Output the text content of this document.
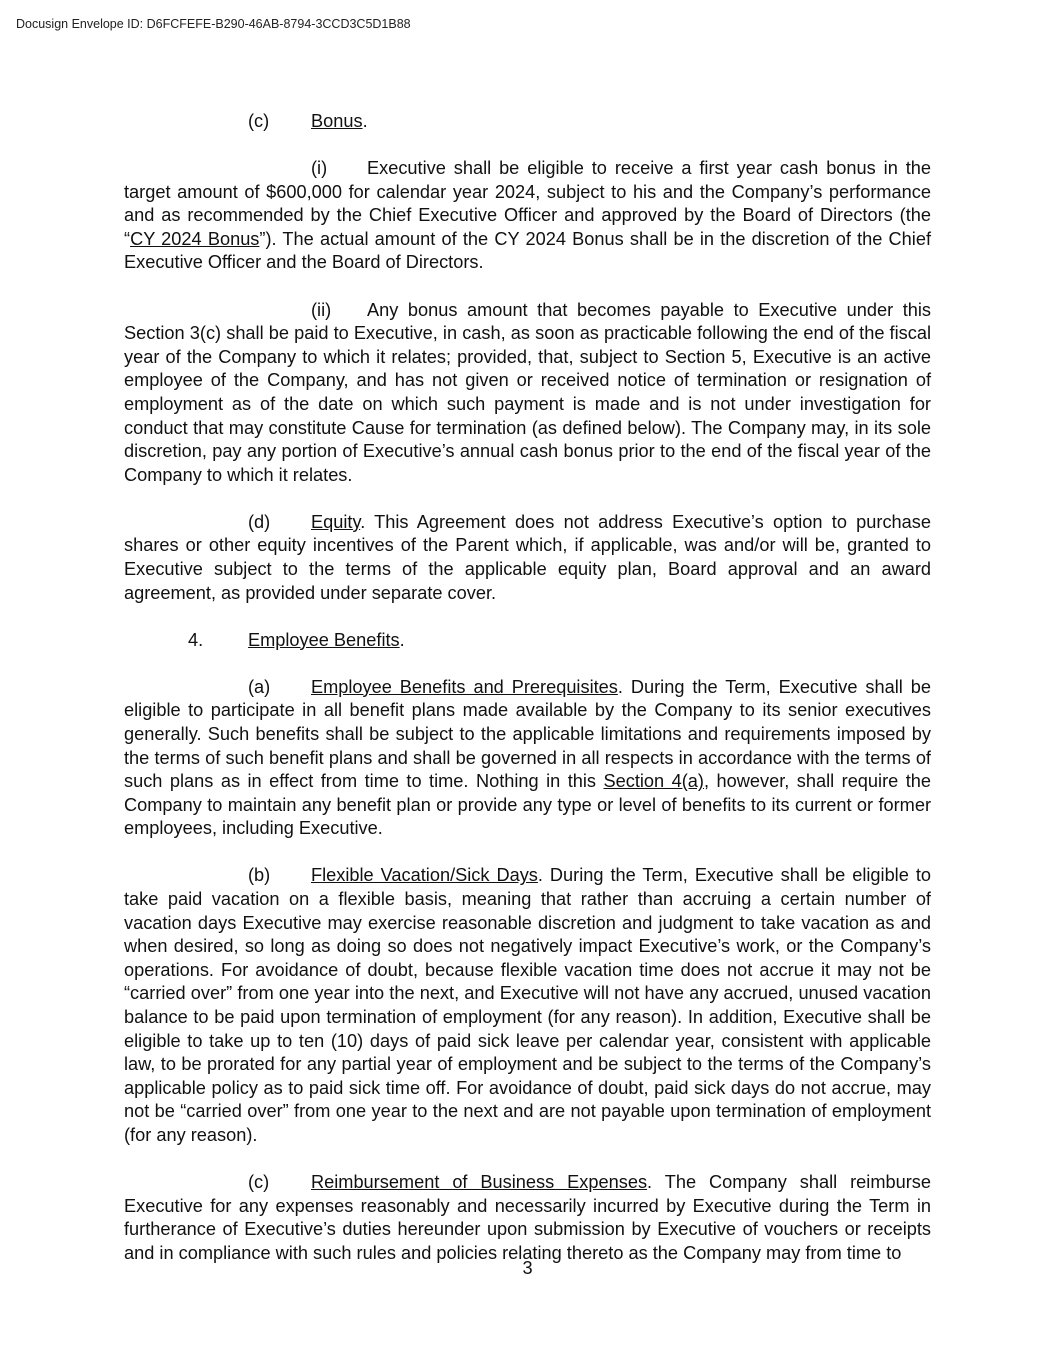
Docusign Envelope ID: D6FCFEFE-B290-46AB-8794-3CCD3C5D1B88
(c) Bonus.

(i) Executive shall be eligible to receive a first year cash bonus in the target amount of $600,000 for calendar year 2024, subject to his and the Company’s performance and as recommended by the Chief Executive Officer and approved by the Board of Directors (the “CY 2024 Bonus”). The actual amount of the CY 2024 Bonus shall be in the discretion of the Chief Executive Officer and the Board of Directors.

(ii) Any bonus amount that becomes payable to Executive under this Section 3(c) shall be paid to Executive, in cash, as soon as practicable following the end of the fiscal year of the Company to which it relates; provided, that, subject to Section 5, Executive is an active employee of the Company, and has not given or received notice of termination or resignation of employment as of the date on which such payment is made and is not under investigation for conduct that may constitute Cause for termination (as defined below). The Company may, in its sole discretion, pay any portion of Executive’s annual cash bonus prior to the end of the fiscal year of the Company to which it relates.

(d) Equity. This Agreement does not address Executive’s option to purchase shares or other equity incentives of the Parent which, if applicable, was and/or will be, granted to Executive subject to the terms of the applicable equity plan, Board approval and an award agreement, as provided under separate cover.

4. Employee Benefits.

(a) Employee Benefits and Prerequisites. During the Term, Executive shall be eligible to participate in all benefit plans made available by the Company to its senior executives generally. Such benefits shall be subject to the applicable limitations and requirements imposed by the terms of such benefit plans and shall be governed in all respects in accordance with the terms of such plans as in effect from time to time. Nothing in this Section 4(a), however, shall require the Company to maintain any benefit plan or provide any type or level of benefits to its current or former employees, including Executive.

(b) Flexible Vacation/Sick Days. During the Term, Executive shall be eligible to take paid vacation on a flexible basis, meaning that rather than accruing a certain number of vacation days Executive may exercise reasonable discretion and judgment to take vacation as and when desired, so long as doing so does not negatively impact Executive’s work, or the Company’s operations. For avoidance of doubt, because flexible vacation time does not accrue it may not be “carried over” from one year into the next, and Executive will not have any accrued, unused vacation balance to be paid upon termination of employment (for any reason). In addition, Executive shall be eligible to take up to ten (10) days of paid sick leave per calendar year, consistent with applicable law, to be prorated for any partial year of employment and be subject to the terms of the Company’s applicable policy as to paid sick time off. For avoidance of doubt, paid sick days do not accrue, may not be “carried over” from one year to the next and are not payable upon termination of employment (for any reason).

(c) Reimbursement of Business Expenses. The Company shall reimburse Executive for any expenses reasonably and necessarily incurred by Executive during the Term in furtherance of Executive’s duties hereunder upon submission by Executive of vouchers or receipts and in compliance with such rules and policies relating thereto as the Company may from time to

3
